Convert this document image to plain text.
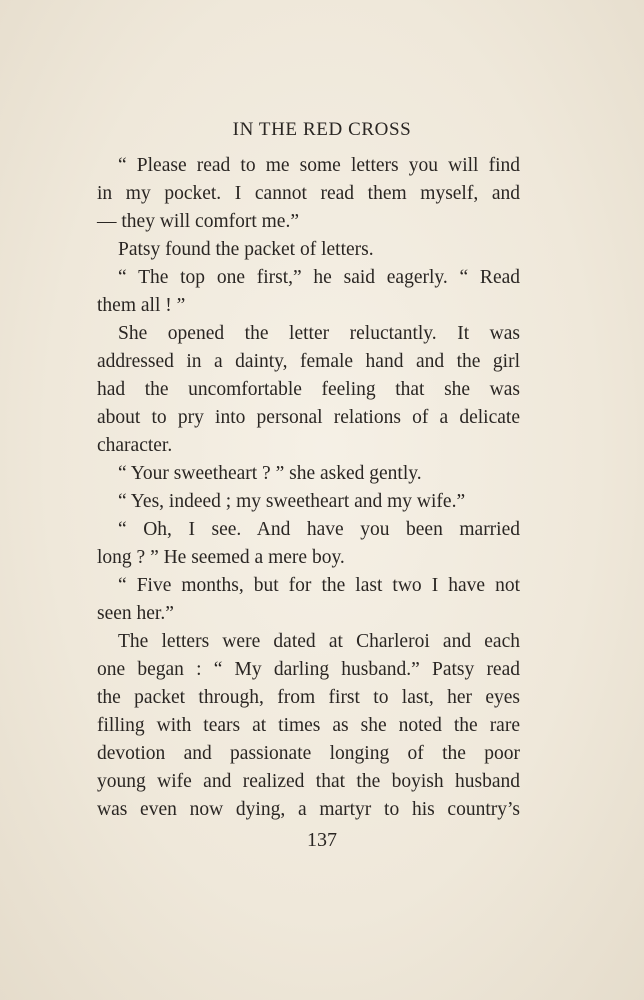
IN THE RED CROSS
“ Please read to me some letters you will find
in my pocket. I cannot read them myself, and
— they will comfort me.”
Patsy found the packet of letters.
“ The top one first,” he said eagerly. “ Read
them all ! ”
She opened the letter reluctantly. It was
addressed in a dainty, female hand and the girl
had the uncomfortable feeling that she was
about to pry into personal relations of a delicate
character.
“ Your sweetheart ? ” she asked gently.
“ Yes, indeed ; my sweetheart and my wife.”
“ Oh, I see. And have you been married
long ? ” He seemed a mere boy.
“ Five months, but for the last two I have not
seen her.”
The letters were dated at Charleroi and each
one began : “ My darling husband.” Patsy read
the packet through, from first to last, her eyes
filling with tears at times as she noted the rare
devotion and passionate longing of the poor
young wife and realized that the boyish husband
was even now dying, a martyr to his country’s
137
